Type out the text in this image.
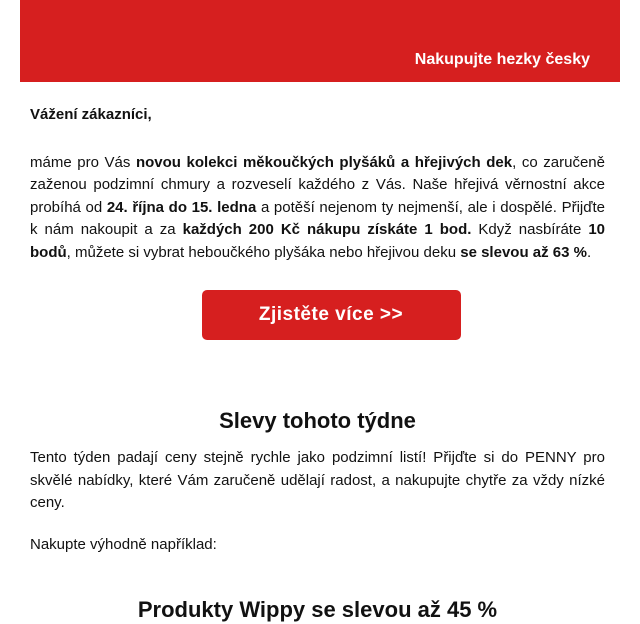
Nakupujte hezky česky

Vážení zákazníci,

máme pro Vás novou kolekci měkoučkých plyšáků a hřejivých dek, co zaručeně zaženou podzimní chmury a rozveselí každého z Vás. Naše hřejivá věrnostní akce probíhá od 24. října do 15. ledna a potěší nejenom ty nejmenší, ale i dospělé. Přijďte k nám nakoupit a za každých 200 Kč nákupu získáte 1 bod. Když nasbíráte 10 bodů, můžete si vybrat heboučkého plyšáka nebo hřejivou deku se slevou až 63 %.

Zjistěte více >>
Slevy tohoto týdne

Tento týden padají ceny stejně rychle jako podzimní listí! Přijďte si do PENNY pro skvělé nabídky, které Vám zaručeně udělají radost, a nakupujte chytře za vždy nízké ceny.

Nakupte výhodně například:

Produkty Wippy se slevou až 45 %
